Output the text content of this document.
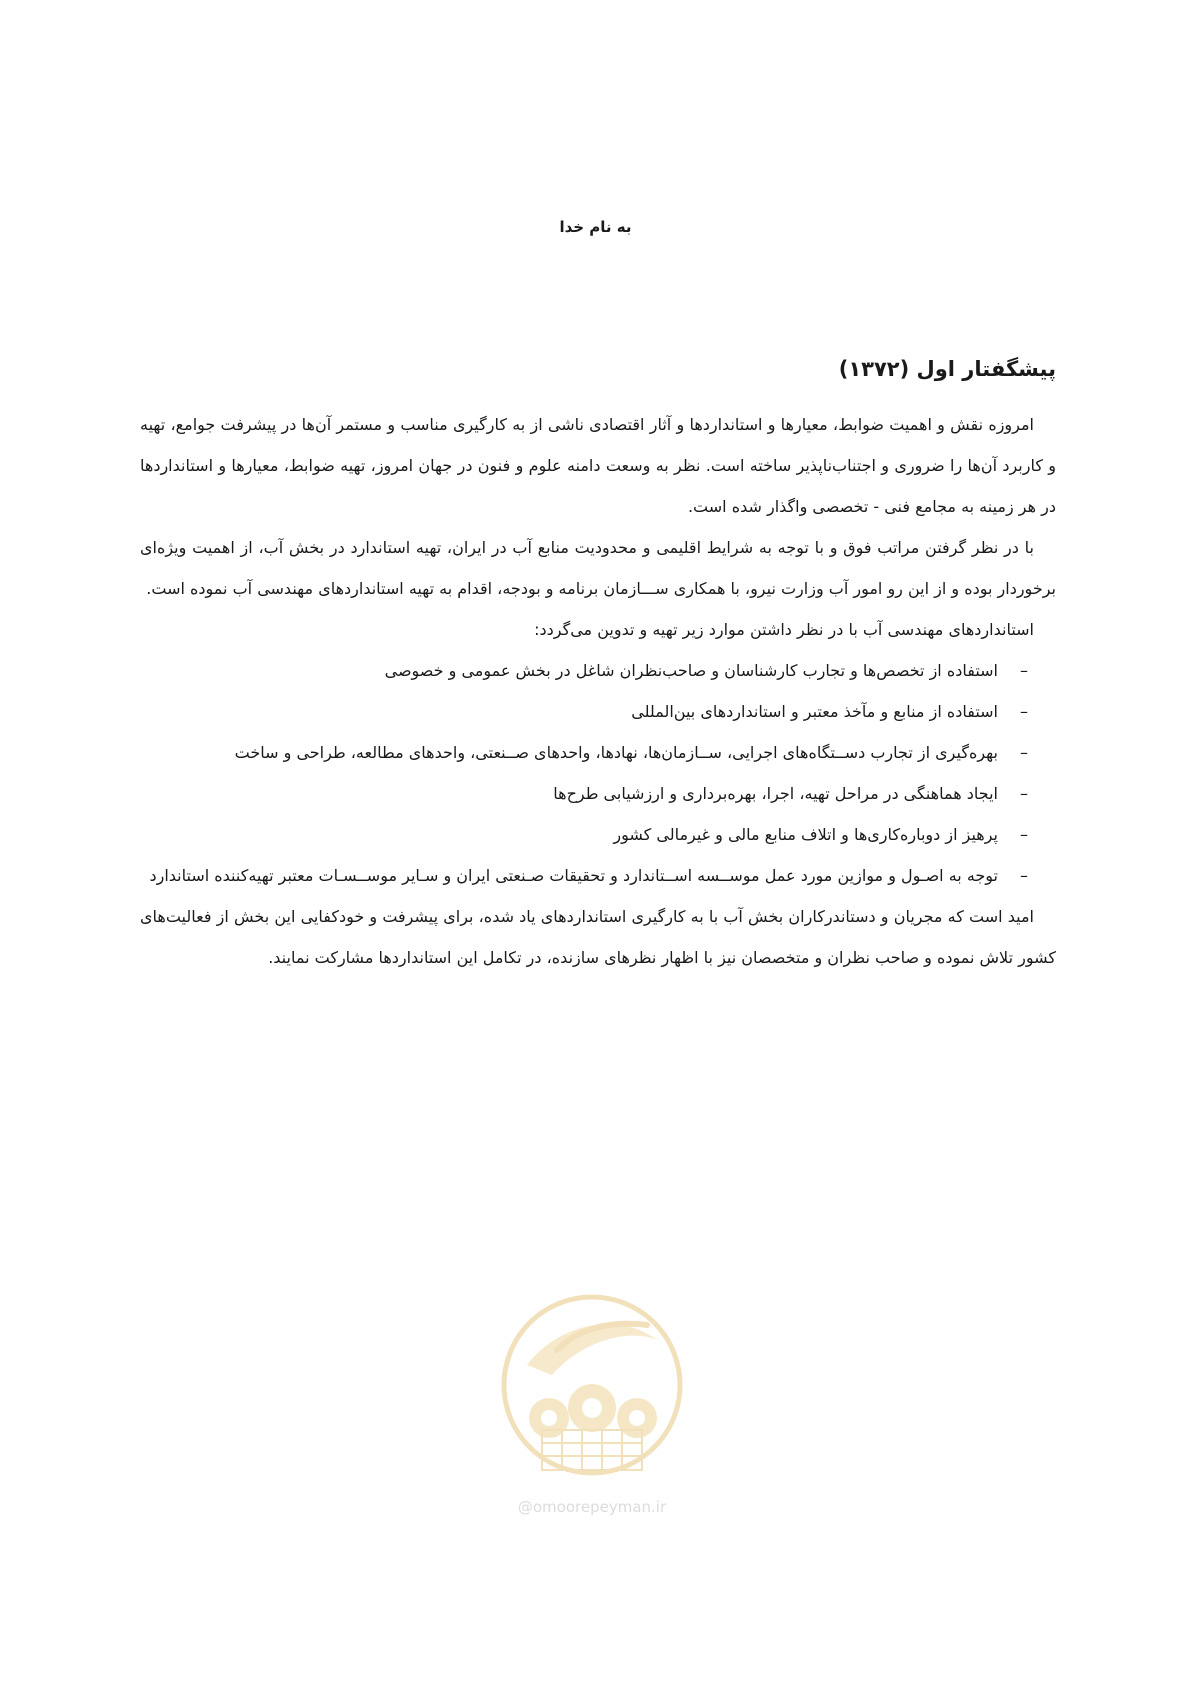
به نام خدا
پیشگفتار اول (۱۳۷۲)

امروزه نقش و اهمیت ضوابط، معیارها و استانداردها و آثار اقتصادی ناشی از به کارگیری مناسب و مستمر آن‌ها در پیشرفت جوامع، تهیه و کاربرد آن‌ها را ضروری و اجتناب‌ناپذیر ساخته است. نظر به وسعت دامنه علوم و فنون در جهان امروز، تهیه ضوابط، معیارها و استانداردها در هر زمینه به مجامع فنی - تخصصی واگذار شده است.

با در نظر گرفتن مراتب فوق و با توجه به شرایط اقلیمی و محدودیت منابع آب در ایران، تهیه استاندارد در بخش آب، از اهمیت ویژه‌ای برخوردار بوده و از این رو امور آب وزارت نیرو، با همکاری ســـازمان برنامه و بودجه، اقدام به تهیه استانداردهای مهندسی آب نموده است.

استانداردهای مهندسی آب با در نظر داشتن موارد زیر تهیه و تدوین می‌گردد:

–
استفاده از تخصص‌ها و تجارب کارشناسان و صاحب‌نظران شاغل در بخش عمومی و خصوصی
–
استفاده از منابع و مآخذ معتبر و استانداردهای بین‌المللی
–
بهره‌گیری از تجارب دســتگاه‌های اجرایی، ســازمان‌ها، نهادها، واحدهای صــنعتی، واحدهای مطالعه، طراحی و ساخت
–
ایجاد هماهنگی در مراحل تهیه، اجرا، بهره‌برداری و ارزشیابی طرح‌ها
–
پرهیز از دوباره‌کاری‌ها و اتلاف منابع مالی و غیرمالی کشور
–
توجه به اصـول و موازین مورد عمل موســسه اســتاندارد و تحقیقات صـنعتی ایران و سـایر موســسـات معتبر تهیه‌کننده استاندارد

امید است که مجریان و دستاندرکاران بخش آب با به کارگیری استانداردهای یاد شده، برای پیشرفت و خودکفایی این بخش از فعالیت‌های کشور تلاش نموده و صاحب نظران و متخصصان نیز با اظهار نظرهای سازنده، در تکامل این استانداردها مشارکت نمایند.

@omoorepeyman.ir
